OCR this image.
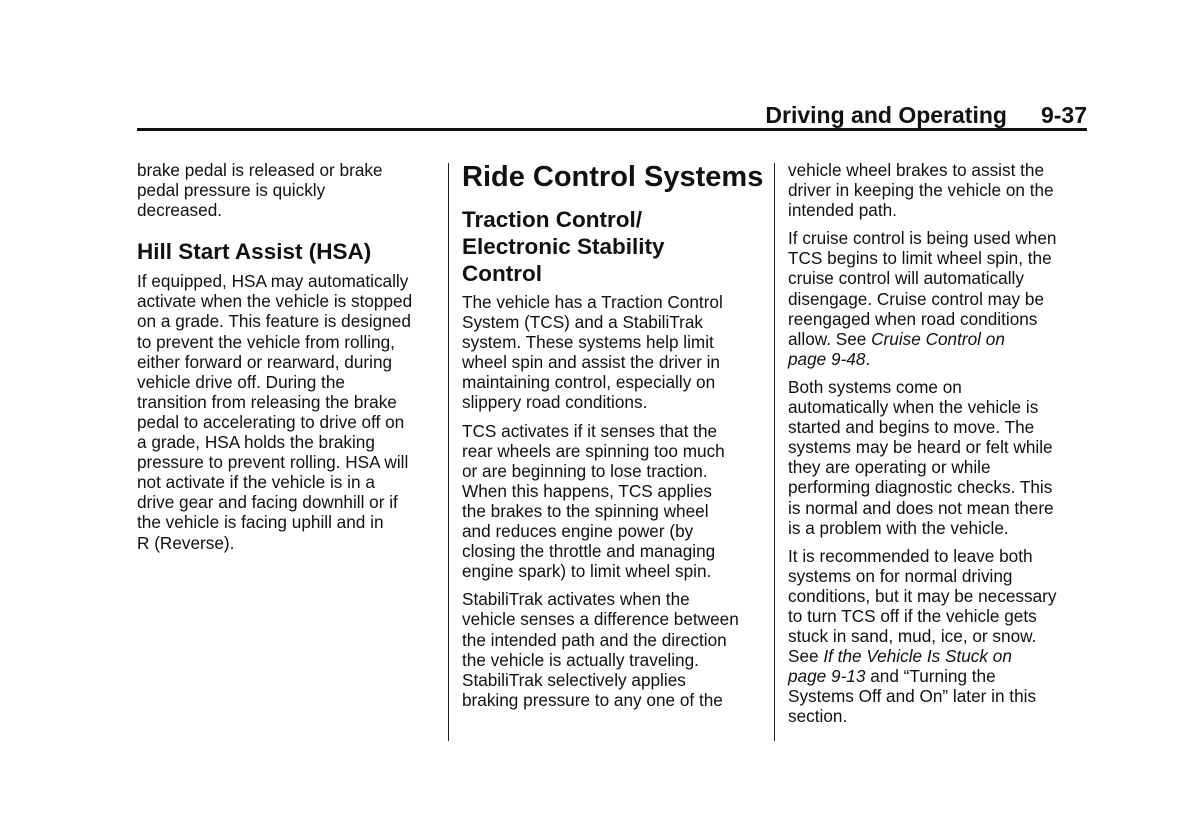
Driving and Operating 9-37

brake pedal is released or brake
pedal pressure is quickly
decreased.

Hill Start Assist (HSA)

If equipped, HSA may automatically
activate when the vehicle is stopped
on a grade. This feature is designed
to prevent the vehicle from rolling,
either forward or rearward, during
vehicle drive off. During the
transition from releasing the brake
pedal to accelerating to drive off on
a grade, HSA holds the braking
pressure to prevent rolling. HSA will
not activate if the vehicle is in a
drive gear and facing downhill or if
the vehicle is facing uphill and in
R (Reverse).

Ride Control Systems
Traction Control/
Electronic Stability
Control

The vehicle has a Traction Control
System (TCS) and a StabiliTrak
system. These systems help limit
wheel spin and assist the driver in
maintaining control, especially on
slippery road conditions.

TCS activates if it senses that the
rear wheels are spinning too much
or are beginning to lose traction.
When this happens, TCS applies
the brakes to the spinning wheel
and reduces engine power (by
closing the throttle and managing
engine spark) to limit wheel spin.

StabiliTrak activates when the
vehicle senses a difference between
the intended path and the direction
the vehicle is actually traveling.
StabiliTrak selectively applies
braking pressure to any one of the

vehicle wheel brakes to assist the
driver in keeping the vehicle on the
intended path.

If cruise control is being used when
TCS begins to limit wheel spin, the
cruise control will automatically
disengage. Cruise control may be
reengaged when road conditions
allow. See Cruise Control on
page 9-48.

Both systems come on
automatically when the vehicle is
started and begins to move. The
systems may be heard or felt while
they are operating or while
performing diagnostic checks. This
is normal and does not mean there
is a problem with the vehicle.

It is recommended to leave both
systems on for normal driving
conditions, but it may be necessary
to turn TCS off if the vehicle gets
stuck in sand, mud, ice, or snow.
See If the Vehicle Is Stuck on
page 9-13 and “Turning the
Systems Off and On” later in this
section.
